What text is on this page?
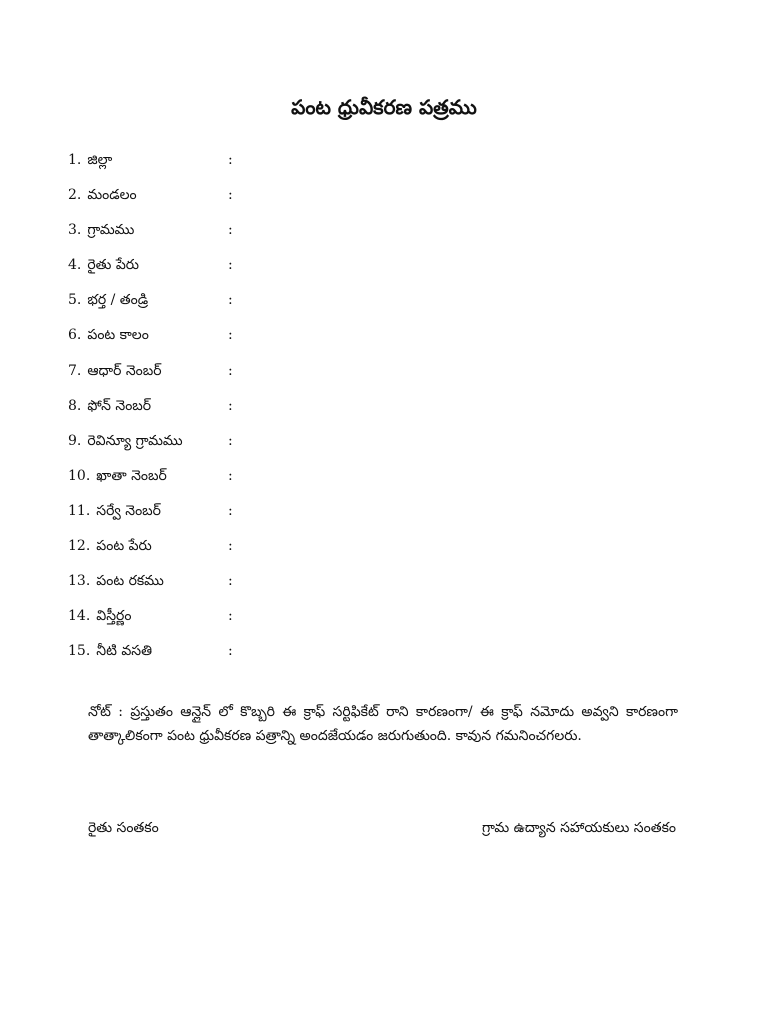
పంట ధ్రువీకరణ పత్రము
1. జిల్లా	:
2. మండలం	:
3. గ్రామము	:
4. రైతు పేరు	:
5. భర్త / తండ్రి	:
6. పంట కాలం	:
7. ఆధార్ నెంబర్	:
8. ఫోన్ నెంబర్	:
9. రెవిన్యూ గ్రామము	:
10. ఖాతా నెంబర్	:
11. సర్వే నెంబర్	:
12. పంట పేరు	:
13. పంట రకము	:
14. విస్తీర్ణం	:
15. నీటి వసతి	:
నోట్ : ప్రస్తుతం ఆన్లైన్ లో కొబ్బరి ఈ క్రాఫ్ సర్టిఫికేట్ రాని కారణంగా/ ఈ క్రాఫ్ నమోదు అవ్వని కారణంగా
తాత్కాలికంగా పంట ధ్రువీకరణ పత్రాన్ని అందజేయడం జరుగుతుంది. కావున గమనించగలరు.
రైతు సంతకం	గ్రామ ఉద్యాన సహాయకులు సంతకం
